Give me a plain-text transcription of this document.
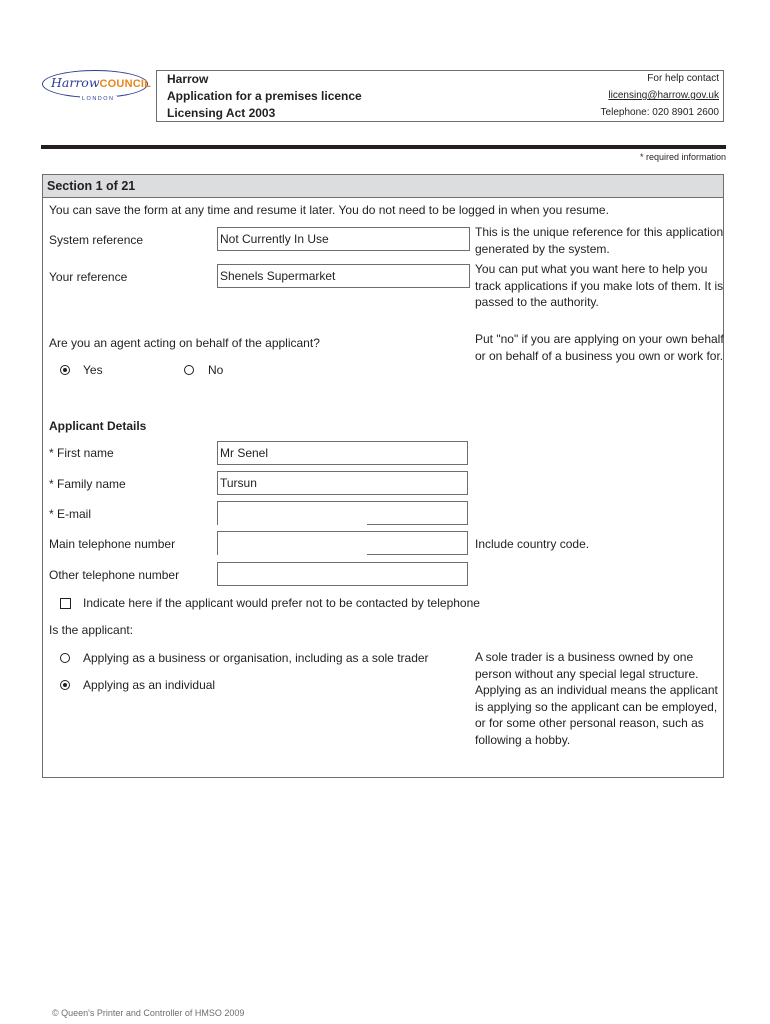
HarrowCOUNCIL
LONDON
Harrow
Application for a premises licence
Licensing Act 2003
For help contact
licensing@harrow.gov.uk
Telephone: 020 8901 2600
* required information
Section 1 of 21
You can save the form at any time and resume it later. You do not need to be logged in when you resume.
System reference	Not Currently In Use	This is the unique reference for this application generated by the system.
Your reference	Shenels Supermarket	You can put what you want here to help you track applications if you make lots of them. It is passed to the authority.
Are you an agent acting on behalf of the applicant?
Yes	No
Put "no" if you are applying on your own behalf or on behalf of a business you own or work for.
Applicant Details
* First name	Mr Senel
* Family name	Tursun
* E-mail
Main telephone number	Include country code.
Other telephone number
Indicate here if the applicant would prefer not to be contacted by telephone
Is the applicant:
Applying as a business or organisation, including as a sole trader
Applying as an individual
A sole trader is a business owned by one person without any special legal structure. Applying as an individual means the applicant is applying so the applicant can be employed, or for some other personal reason, such as following a hobby.
© Queen's Printer and Controller of HMSO 2009
